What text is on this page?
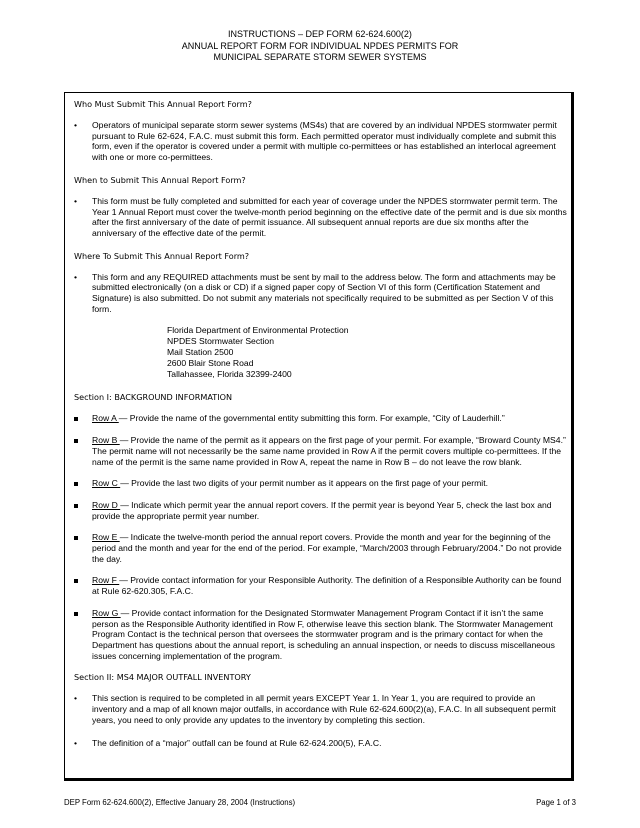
INSTRUCTIONS – DEP FORM 62-624.600(2)
ANNUAL REPORT FORM FOR INDIVIDUAL NPDES PERMITS FOR
MUNICIPAL SEPARATE STORM SEWER SYSTEMS
Who Must Submit This Annual Report Form?
•	Operators of municipal separate storm sewer systems (MS4s) that are covered by an individual NPDES stormwater permit pursuant to Rule 62-624, F.A.C. must submit this form. Each permitted operator must individually complete and submit this form, even if the operator is covered under a permit with multiple co-permittees or has established an interlocal agreement with one or more co-permittees.
When to Submit This Annual Report Form?
•	This form must be fully completed and submitted for each year of coverage under the NPDES stormwater permit term. The Year 1 Annual Report must cover the twelve-month period beginning on the effective date of the permit and is due six months after the first anniversary of the date of permit issuance. All subsequent annual reports are due six months after the anniversary of the effective date of the permit.
Where To Submit This Annual Report Form?
•	This form and any REQUIRED attachments must be sent by mail to the address below. The form and attachments may be submitted electronically (on a disk or CD) if a signed paper copy of Section VI of this form (Certification Statement and Signature) is also submitted. Do not submit any materials not specifically required to be submitted as per Section V of this form.
Florida Department of Environmental Protection
NPDES Stormwater Section
Mail Station 2500
2600 Blair Stone Road
Tallahassee, Florida 32399-2400
Section I: BACKGROUND INFORMATION
Row A — Provide the name of the governmental entity submitting this form. For example, “City of Lauderhill.”
Row B — Provide the name of the permit as it appears on the first page of your permit. For example, “Broward County MS4.” The permit name will not necessarily be the same name provided in Row A if the permit covers multiple co-permittees. If the name of the permit is the same name provided in Row A, repeat the name in Row B – do not leave the row blank.
Row C — Provide the last two digits of your permit number as it appears on the first page of your permit.
Row D — Indicate which permit year the annual report covers. If the permit year is beyond Year 5, check the last box and provide the appropriate permit year number.
Row E — Indicate the twelve-month period the annual report covers. Provide the month and year for the beginning of the period and the month and year for the end of the period. For example, “March/2003 through February/2004.” Do not provide the day.
Row F — Provide contact information for your Responsible Authority. The definition of a Responsible Authority can be found at Rule 62-620.305, F.A.C.
Row G — Provide contact information for the Designated Stormwater Management Program Contact if it isn’t the same person as the Responsible Authority identified in Row F, otherwise leave this section blank. The Stormwater Management Program Contact is the technical person that oversees the stormwater program and is the primary contact for when the Department has questions about the annual report, is scheduling an annual inspection, or needs to discuss miscellaneous issues concerning implementation of the program.
Section II: MS4 MAJOR OUTFALL INVENTORY
•	This section is required to be completed in all permit years EXCEPT Year 1. In Year 1, you are required to provide an inventory and a map of all known major outfalls, in accordance with Rule 62-624.600(2)(a), F.A.C. In all subsequent permit years, you need to only provide any updates to the inventory by completing this section.
•	The definition of a “major” outfall can be found at Rule 62-624.200(5), F.A.C.
DEP Form 62-624.600(2), Effective January 28, 2004 (Instructions)	Page 1 of 3
